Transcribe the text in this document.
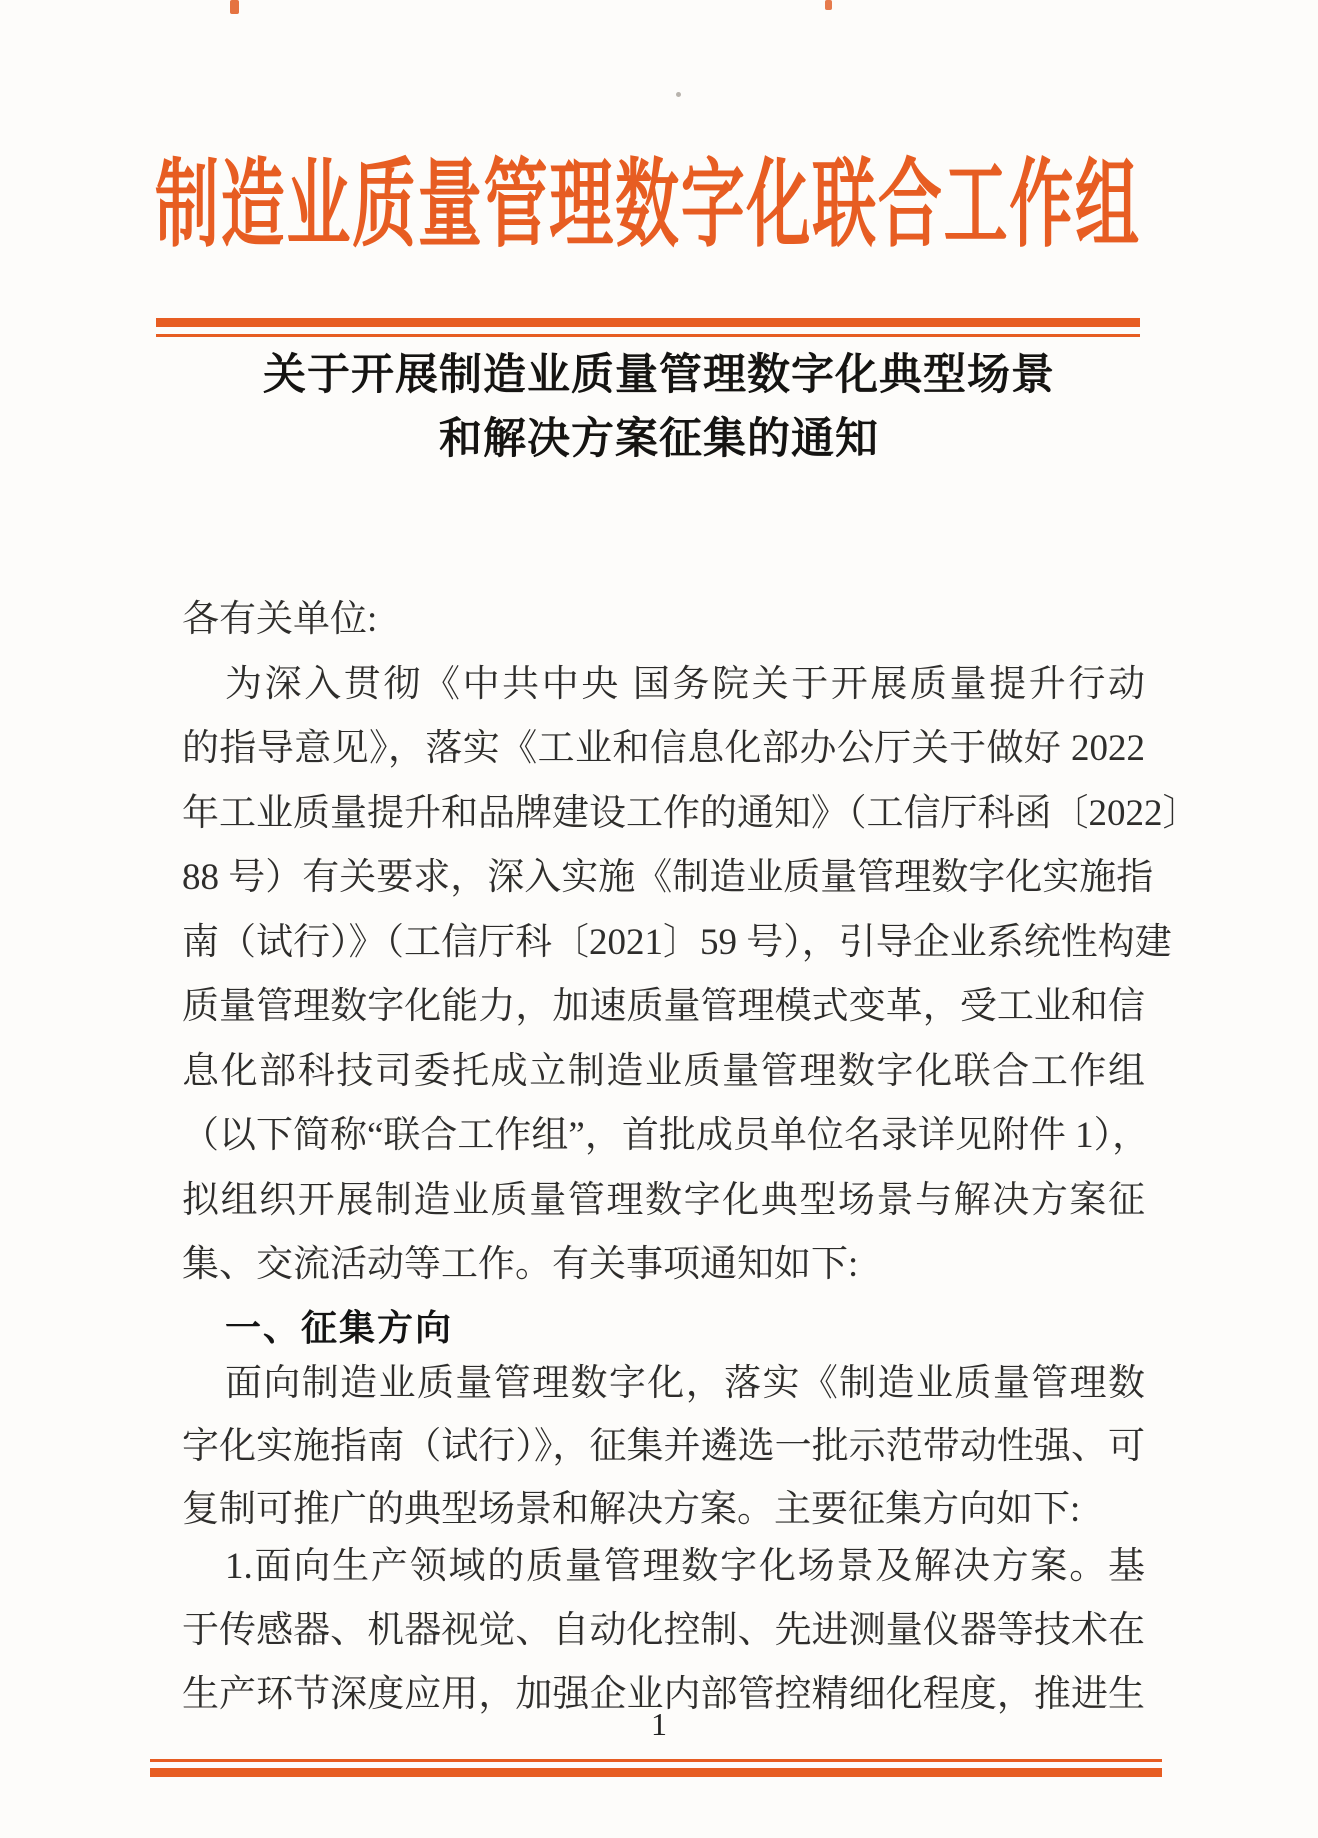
制造业质量管理数字化联合工作组
关于开展制造业质量管理数字化典型场景
和解决方案征集的通知
各有关单位:
为深入贯彻《中共中央 国务院关于开展质量提升行动
的指导意见》，落实《工业和信息化部办公厅关于做好 2022
年工业质量提升和品牌建设工作的通知》（工信厅科函〔2022〕
88 号）有关要求，深入实施《制造业质量管理数字化实施指
南（试行）》（工信厅科〔2021〕59 号），引导企业系统性构建
质量管理数字化能力，加速质量管理模式变革，受工业和信
息化部科技司委托成立制造业质量管理数字化联合工作组
（以下简称“联合工作组”，首批成员单位名录详见附件 1），
拟组织开展制造业质量管理数字化典型场景与解决方案征
集、交流活动等工作。有关事项通知如下:
一、征集方向
面向制造业质量管理数字化，落实《制造业质量管理数
字化实施指南（试行）》，征集并遴选一批示范带动性强、可
复制可推广的典型场景和解决方案。主要征集方向如下:
1.面向生产领域的质量管理数字化场景及解决方案。基
于传感器、机器视觉、自动化控制、先进测量仪器等技术在
生产环节深度应用，加强企业内部管控精细化程度，推进生
1
